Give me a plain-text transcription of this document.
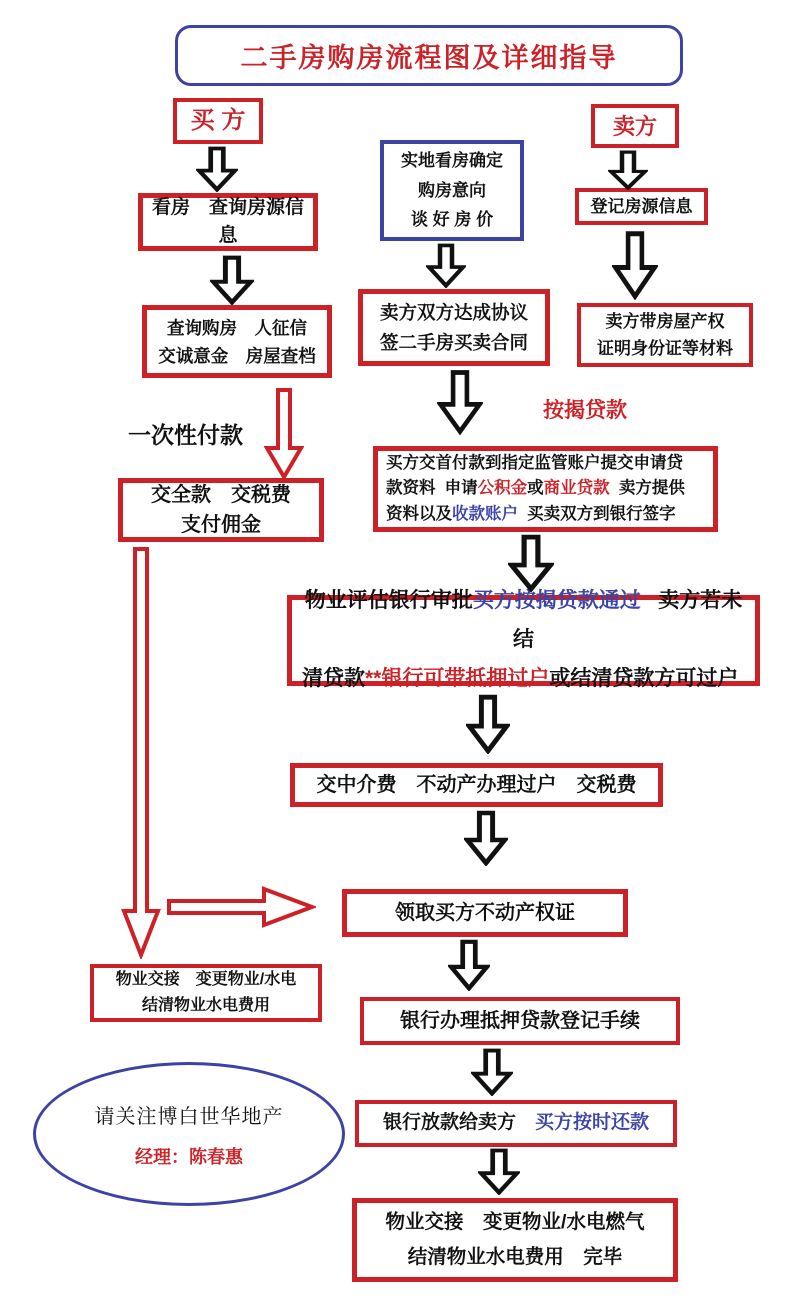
二手房购房流程图及详细指导
买 方	卖方
实地看房确定
购房意向
谈 好 房 价
看房　查询房源信息
登记房源信息
查询购房　人征信
交诚意金　房屋查档
卖方双方达成协议
签二手房买卖合同
卖方带房屋产权
证明身份证等材料
一次性付款
按揭贷款
交全款　交税费
支付佣金
买方交首付款到指定监管账户提交申请贷
款资料  申请公积金或商业贷款  卖方提供
资料以及收款账户  买卖双方到银行签字
物业评估银行审批买方按揭贷款通过   卖方若未结
清贷款**银行可带抵押过户或结清贷款方可过户
交中介费　不动产办理过户　交税费
领取买方不动产权证
物业交接　变更物业/水电
结清物业水电费用
银行办理抵押贷款登记手续
银行放款给卖方　 买方按时还款
物业交接　变更物业/水电燃气
结清物业水电费用　完毕
请关注博白世华地产
经理：陈春惠
